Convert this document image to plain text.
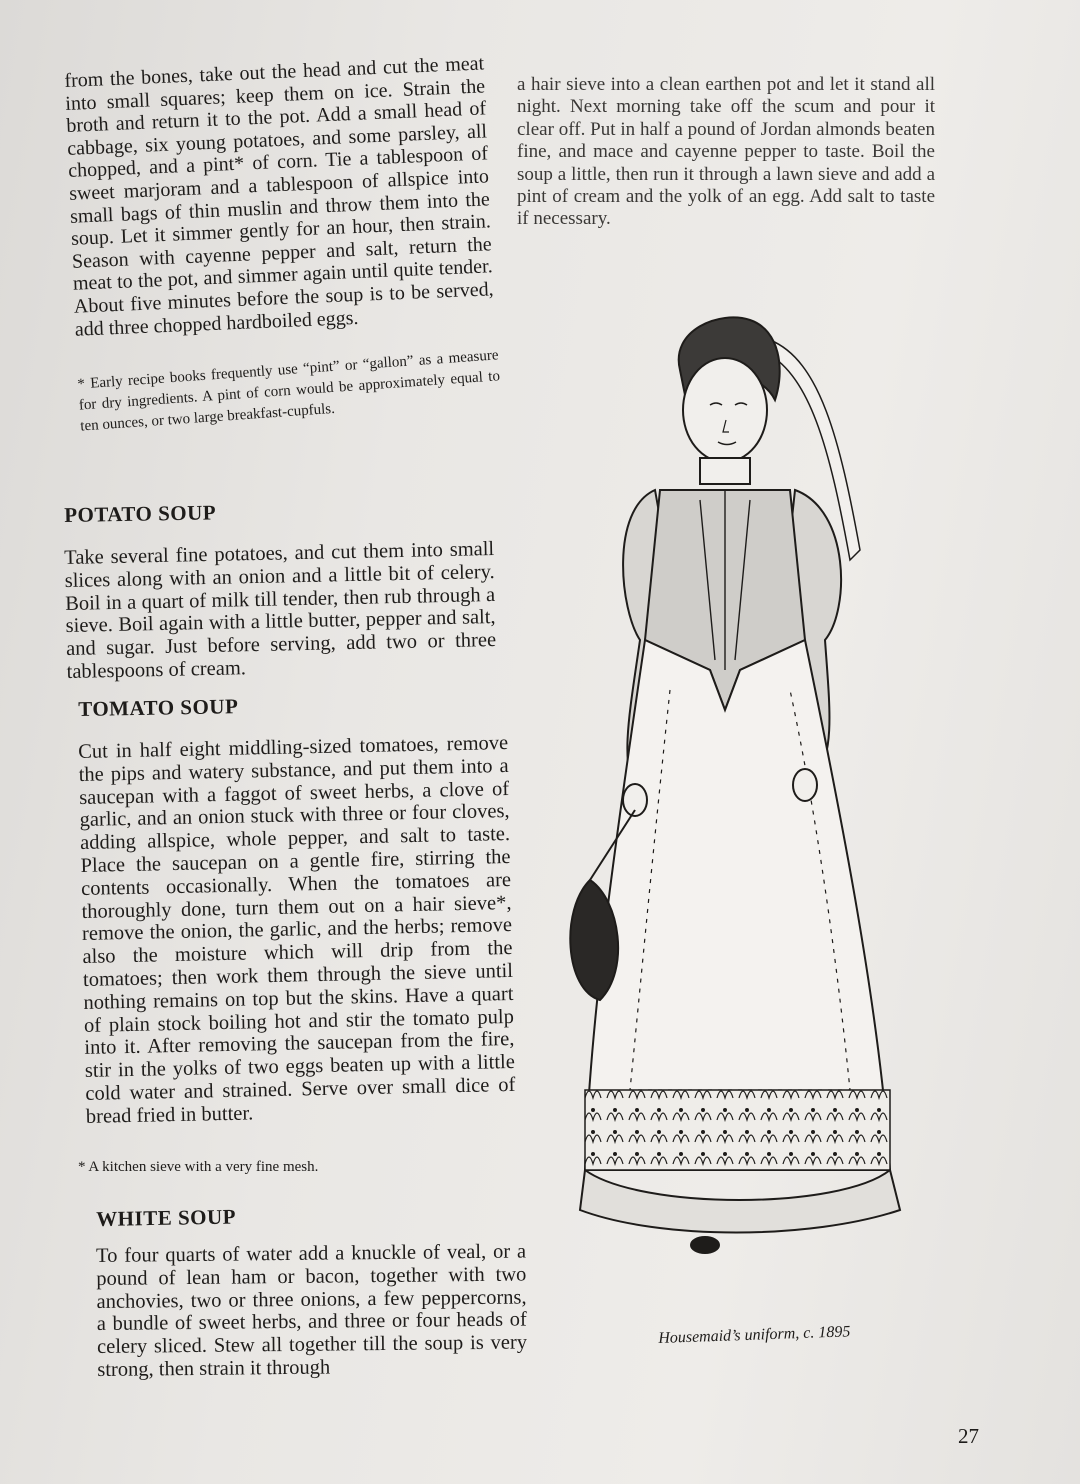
from the bones, take out the head and cut the meat into small squares; keep them on ice. Strain the broth and return it to the pot. Add a small head of cabbage, six young potatoes, and some parsley, all chopped, and a pint* of corn. Tie a tablespoon of sweet marjoram and a tablespoon of allspice into small bags of thin muslin and throw them into the soup. Let it simmer gently for an hour, then strain. Season with cayenne pepper and salt, return the meat to the pot, and simmer again until quite tender. About five minutes before the soup is to be served, add three chopped hardboiled eggs.

* Early recipe books frequently use “pint” or “gallon” as a measure for dry ingredients. A pint of corn would be approximately equal to ten ounces, or two large breakfast-cupfuls.

POTATO SOUP

Take several fine potatoes, and cut them into small slices along with an onion and a little bit of celery. Boil in a quart of milk till tender, then rub through a sieve. Boil again with a little butter, pepper and salt, and sugar. Just before serving, add two or three tablespoons of cream.

TOMATO SOUP

Cut in half eight middling-sized tomatoes, remove the pips and watery substance, and put them into a saucepan with a faggot of sweet herbs, a clove of garlic, and an onion stuck with three or four cloves, adding allspice, whole pepper, and salt to taste. Place the saucepan on a gentle fire, stirring the contents occasionally. When the tomatoes are thoroughly done, turn them out on a hair sieve*, remove the onion, the garlic, and the herbs; remove also the moisture which will drip from the tomatoes; then work them through the sieve until nothing remains on top but the skins. Have a quart of plain stock boiling hot and stir the tomato pulp into it. After removing the saucepan from the fire, stir in the yolks of two eggs beaten up with a little cold water and strained. Serve over small dice of bread fried in butter.

* A kitchen sieve with a very fine mesh.

WHITE SOUP

To four quarts of water add a knuckle of veal, or a pound of lean ham or bacon, together with two anchovies, two or three onions, a few peppercorns, a bundle of sweet herbs, and three or four heads of celery sliced. Stew all together till the soup is very strong, then strain it through

a hair sieve into a clean earthen pot and let it stand all night. Next morning take off the scum and pour it clear off. Put in half a pound of Jordan almonds beaten fine, and mace and cayenne pepper to taste. Boil the soup a little, then run it through a lawn sieve and add a pint of cream and the yolk of an egg. Add salt to taste if necessary.

Housemaid’s uniform, c. 1895
27
